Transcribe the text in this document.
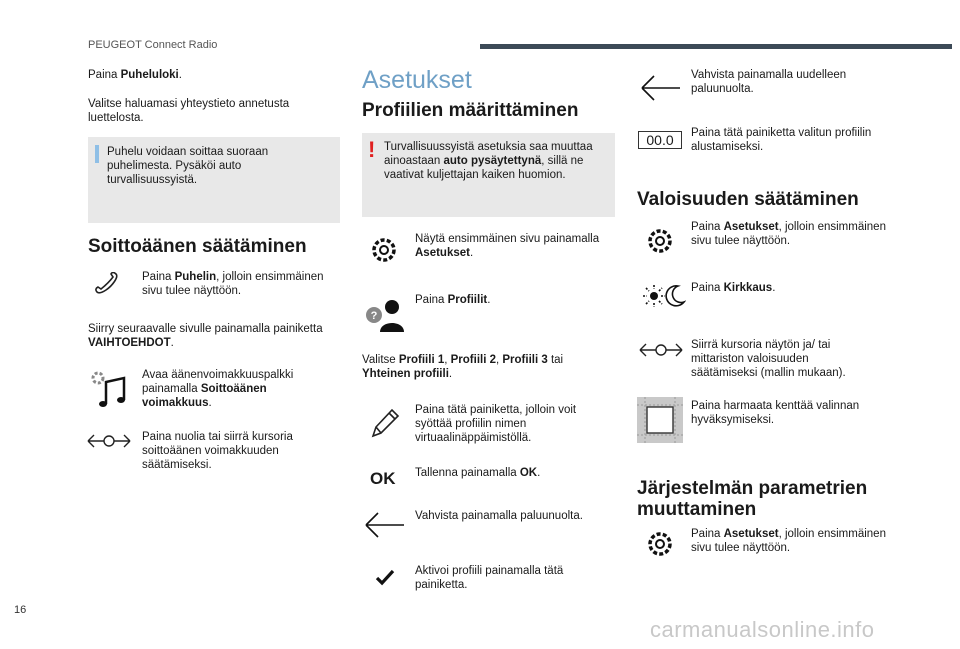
PEUGEOT Connect Radio
Paina Puheluloki.
Valitse haluamasi yhteystieto annetusta luettelosta.
Puhelu voidaan soittaa suoraan puhelimesta. Pysäköi auto turvallisuussyistä.
Soittoäänen säätäminen
Paina Puhelin, jolloin ensimmäinen sivu tulee näyttöön.
Siirry seuraavalle sivulle painamalla painiketta VAIHTOEHDOT.
Avaa äänenvoimakkuuspalkki painamalla Soittoäänen voimakkuus.
Paina nuolia tai siirrä kursoria soittoäänen voimakkuuden säätämiseksi.
Asetukset
Profiilien määrittäminen
! Turvallisuussyistä asetuksia saa muuttaa ainoastaan auto pysäytettynä, sillä ne vaativat kuljettajan kaiken huomion.
Näytä ensimmäinen sivu painamalla Asetukset.
?
Paina Profiilit.
Valitse Profiili 1, Profiili 2, Profiili 3 tai Yhteinen profiili.
Paina tätä painiketta, jolloin voit syöttää profiilin nimen virtuaalinäppäimistöllä.
OK Tallenna painamalla OK.
Vahvista painamalla paluunuolta.
Aktivoi profiili painamalla tätä painiketta.
Vahvista painamalla uudelleen paluunuolta.
00.0	Paina tätä painiketta valitun profiilin alustamiseksi.
Valoisuuden säätäminen
Paina Asetukset, jolloin ensimmäinen sivu tulee näyttöön.
Paina Kirkkaus.
Siirrä kursoria näytön ja/ tai mittariston valoisuuden säätämiseksi (mallin mukaan).
Paina harmaata kenttää valinnan hyväksymiseksi.
Järjestelmän parametrien muuttaminen
Paina Asetukset, jolloin ensimmäinen sivu tulee näyttöön.
16
carmanualsonline.info
